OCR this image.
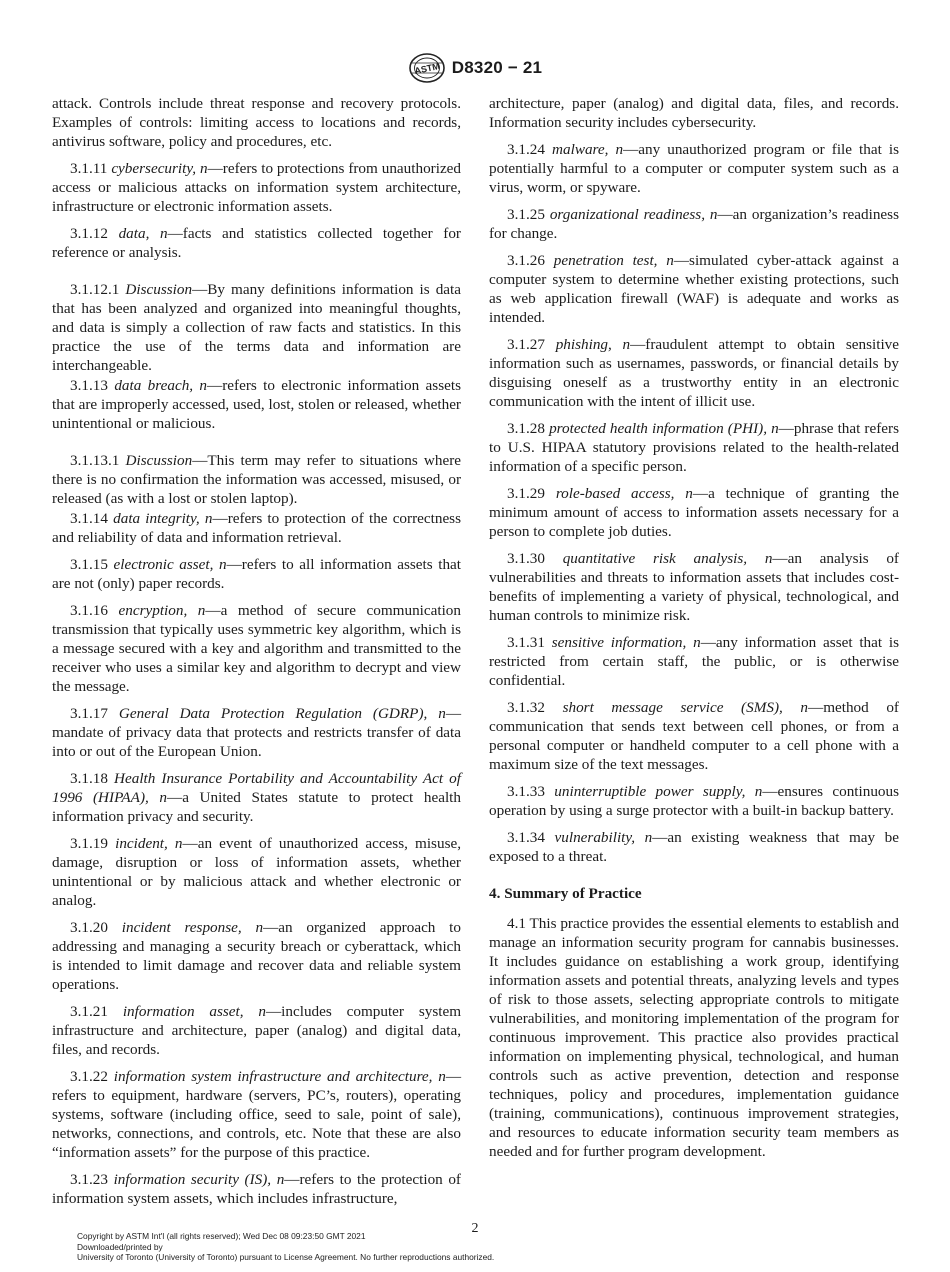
ASTM D8320 − 21

attack. Controls include threat response and recovery protocols. Examples of controls: limiting access to locations and records, antivirus software, policy and procedures, etc.

3.1.11 cybersecurity, n—refers to protections from unauthorized access or malicious attacks on information system architecture, infrastructure or electronic information assets.

3.1.12 data, n—facts and statistics collected together for reference or analysis.

3.1.12.1 Discussion—By many definitions information is data that has been analyzed and organized into meaningful thoughts, and data is simply a collection of raw facts and statistics. In this practice the use of the terms data and information are interchangeable.

3.1.13 data breach, n—refers to electronic information assets that are improperly accessed, used, lost, stolen or released, whether unintentional or malicious.

3.1.13.1 Discussion—This term may refer to situations where there is no confirmation the information was accessed, misused, or released (as with a lost or stolen laptop).

3.1.14 data integrity, n—refers to protection of the correctness and reliability of data and information retrieval.

3.1.15 electronic asset, n—refers to all information assets that are not (only) paper records.

3.1.16 encryption, n—a method of secure communication transmission that typically uses symmetric key algorithm, which is a message secured with a key and algorithm and transmitted to the receiver who uses a similar key and algorithm to decrypt and view the message.

3.1.17 General Data Protection Regulation (GDRP), n—mandate of privacy data that protects and restricts transfer of data into or out of the European Union.

3.1.18 Health Insurance Portability and Accountability Act of 1996 (HIPAA), n—a United States statute to protect health information privacy and security.

3.1.19 incident, n—an event of unauthorized access, misuse, damage, disruption or loss of information assets, whether unintentional or by malicious attack and whether electronic or analog.

3.1.20 incident response, n—an organized approach to addressing and managing a security breach or cyberattack, which is intended to limit damage and recover data and reliable system operations.

3.1.21 information asset, n—includes computer system infrastructure and architecture, paper (analog) and digital data, files, and records.

3.1.22 information system infrastructure and architecture, n—refers to equipment, hardware (servers, PC’s, routers), operating systems, software (including office, seed to sale, point of sale), networks, connections, and controls, etc. Note that these are also “information assets” for the purpose of this practice.

3.1.23 information security (IS), n—refers to the protection of information system assets, which includes infrastructure,

architecture, paper (analog) and digital data, files, and records. Information security includes cybersecurity.

3.1.24 malware, n—any unauthorized program or file that is potentially harmful to a computer or computer system such as a virus, worm, or spyware.

3.1.25 organizational readiness, n—an organization’s readiness for change.

3.1.26 penetration test, n—simulated cyber-attack against a computer system to determine whether existing protections, such as web application firewall (WAF) is adequate and works as intended.

3.1.27 phishing, n—fraudulent attempt to obtain sensitive information such as usernames, passwords, or financial details by disguising oneself as a trustworthy entity in an electronic communication with the intent of illicit use.

3.1.28 protected health information (PHI), n—phrase that refers to U.S. HIPAA statutory provisions related to the health-related information of a specific person.

3.1.29 role-based access, n—a technique of granting the minimum amount of access to information assets necessary for a person to complete job duties.

3.1.30 quantitative risk analysis, n—an analysis of vulnerabilities and threats to information assets that includes cost-benefits of implementing a variety of physical, technological, and human controls to minimize risk.

3.1.31 sensitive information, n—any information asset that is restricted from certain staff, the public, or is otherwise confidential.

3.1.32 short message service (SMS), n—method of communication that sends text between cell phones, or from a personal computer or handheld computer to a cell phone with a maximum size of the text messages.

3.1.33 uninterruptible power supply, n—ensures continuous operation by using a surge protector with a built-in backup battery.

3.1.34 vulnerability, n—an existing weakness that may be exposed to a threat.

4. Summary of Practice

4.1 This practice provides the essential elements to establish and manage an information security program for cannabis businesses. It includes guidance on establishing a work group, identifying information assets and potential threats, analyzing levels and types of risk to those assets, selecting appropriate controls to mitigate vulnerabilities, and monitoring implementation of the program for continuous improvement. This practice also provides practical information on implementing physical, technological, and human controls such as active prevention, detection and response techniques, policy and procedures, implementation guidance (training, communications), continuous improvement strategies, and resources to educate information security team members as needed and for further program development.

2
Copyright by ASTM Int'l (all rights reserved); Wed Dec 08 09:23:50 GMT 2021
Downloaded/printed by
University of Toronto (University of Toronto) pursuant to License Agreement. No further reproductions authorized.
